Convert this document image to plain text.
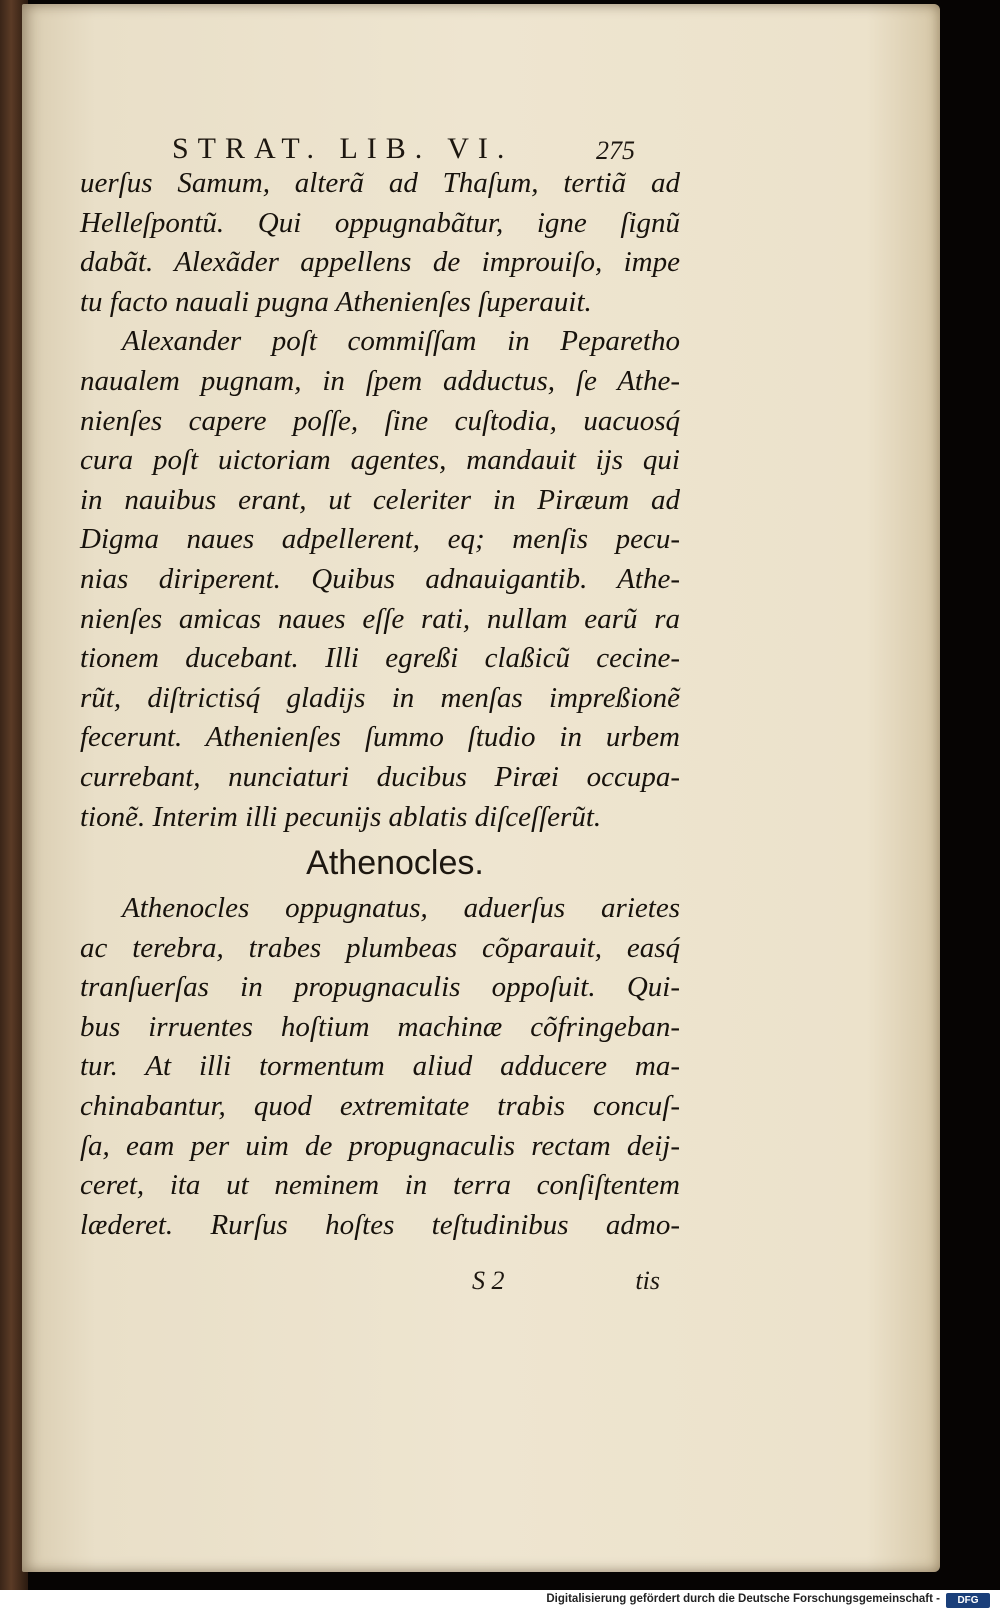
STRAT. LIB. VI.	275
uerſus Samum, alterã ad Thaſum, tertiã ad
Helleſpontũ. Qui oppugnabãtur, igne ſignũ
dabãt. Alexãder appellens de improuiſo, impe
tu facto nauali pugna Athenienſes ſuperauit.
Alexander poſt commiſſam in Peparetho
naualem pugnam, in ſpem adductus, ſe Athe-
nienſes capere poſſe, ſine cuſtodia, uacuosq́
cura poſt uictoriam agentes, mandauit ijs qui
in nauibus erant, ut celeriter in Piræum ad
Digma naues adpellerent, eq; menſis pecu-
nias diriperent. Quibus adnauigantib. Athe-
nienſes amicas naues eſſe rati, nullam earũ ra
tionem ducebant. Illi egreßi claßicũ cecine-
rũt, diſtrictisq́ gladijs in menſas impreßionẽ
fecerunt. Athenienſes ſummo ſtudio in urbem
currebant, nunciaturi ducibus Piræi occupa-
tionẽ. Interim illi pecunijs ablatis diſceſſerũt.
Athenocles.
Athenocles oppugnatus, aduerſus arietes
ac terebra, trabes plumbeas cõparauit, easq́
tranſuerſas in propugnaculis oppoſuit. Qui-
bus irruentes hoſtium machinæ cõfringeban-
tur. At illi tormentum aliud adducere ma-
chinabantur, quod extremitate trabis concuſ-
ſa, eam per uim de propugnaculis rectam deij-
ceret, ita ut neminem in terra conſiſtentem
læderet. Rurſus hoſtes teſtudinibus admo-
S 2	tis
Digitalisierung gefördert durch die Deutsche Forschungsgemeinschaft -	DFG
